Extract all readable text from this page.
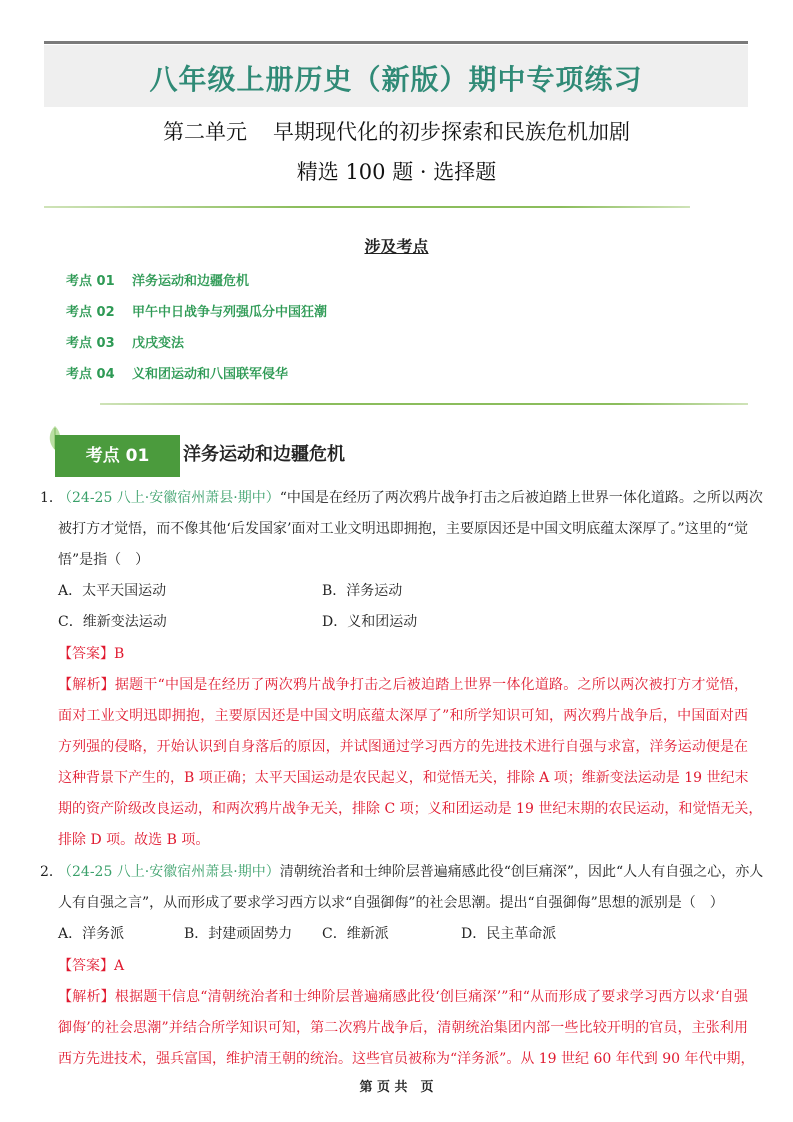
八年级上册历史（新版）期中专项练习
第二单元 早期现代化的初步探索和民族危机加剧
精选 100 题 · 选择题
涉及考点
考点 01 洋务运动和边疆危机
考点 02 甲午中日战争与列强瓜分中国狂潮
考点 03 戊戌变法
考点 04 义和团运动和八国联军侵华
考点 01	洋务运动和边疆危机
1．
（24-25 八上·安徽宿州萧县·期中）“中国是在经历了两次鸦片战争打击之后被迫踏上世界一体化道路。之所以两次
被打方才觉悟，而不像其他‘后发国家’面对工业文明迅即拥抱，主要原因还是中国文明底蕴太深厚了。”这里的“觉
悟”是指（　）
A．太平天国运动	B．洋务运动
C．维新变法运动	D．义和团运动
【答案】B
【解析】据题干“中国是在经历了两次鸦片战争打击之后被迫踏上世界一体化道路。之所以两次被打方才觉悟，
面对工业文明迅即拥抱，主要原因还是中国文明底蕴太深厚了”和所学知识可知，两次鸦片战争后，中国面对西
方列强的侵略，开始认识到自身落后的原因，并试图通过学习西方的先进技术进行自强与求富，洋务运动便是在
这种背景下产生的，B 项正确；太平天国运动是农民起义，和觉悟无关，排除 A 项；维新变法运动是 19 世纪末
期的资产阶级改良运动，和两次鸦片战争无关，排除 C 项；义和团运动是 19 世纪末期的农民运动，和觉悟无关，
排除 D 项。故选 B 项。
2．
（24-25 八上·安徽宿州萧县·期中）清朝统治者和士绅阶层普遍痛感此役“创巨痛深”，因此“人人有自强之心，亦人
人有自强之言”，从而形成了要求学习西方以求“自强御侮”的社会思潮。提出“自强御侮”思想的派别是（　）
A．洋务派	B．封建顽固势力 C．维新派	D．民主革命派
【答案】A
【解析】根据题干信息“清朝统治者和士绅阶层普遍痛感此役‘创巨痛深’”和“从而形成了要求学习西方以求‘自强
御侮’的社会思潮”并结合所学知识可知，第二次鸦片战争后，清朝统治集团内部一些比较开明的官员，主张利用
西方先进技术，强兵富国，维护清王朝的统治。这些官员被称为“洋务派”。从 19 世纪 60 年代到 90 年代中期，
第 页 共　页
